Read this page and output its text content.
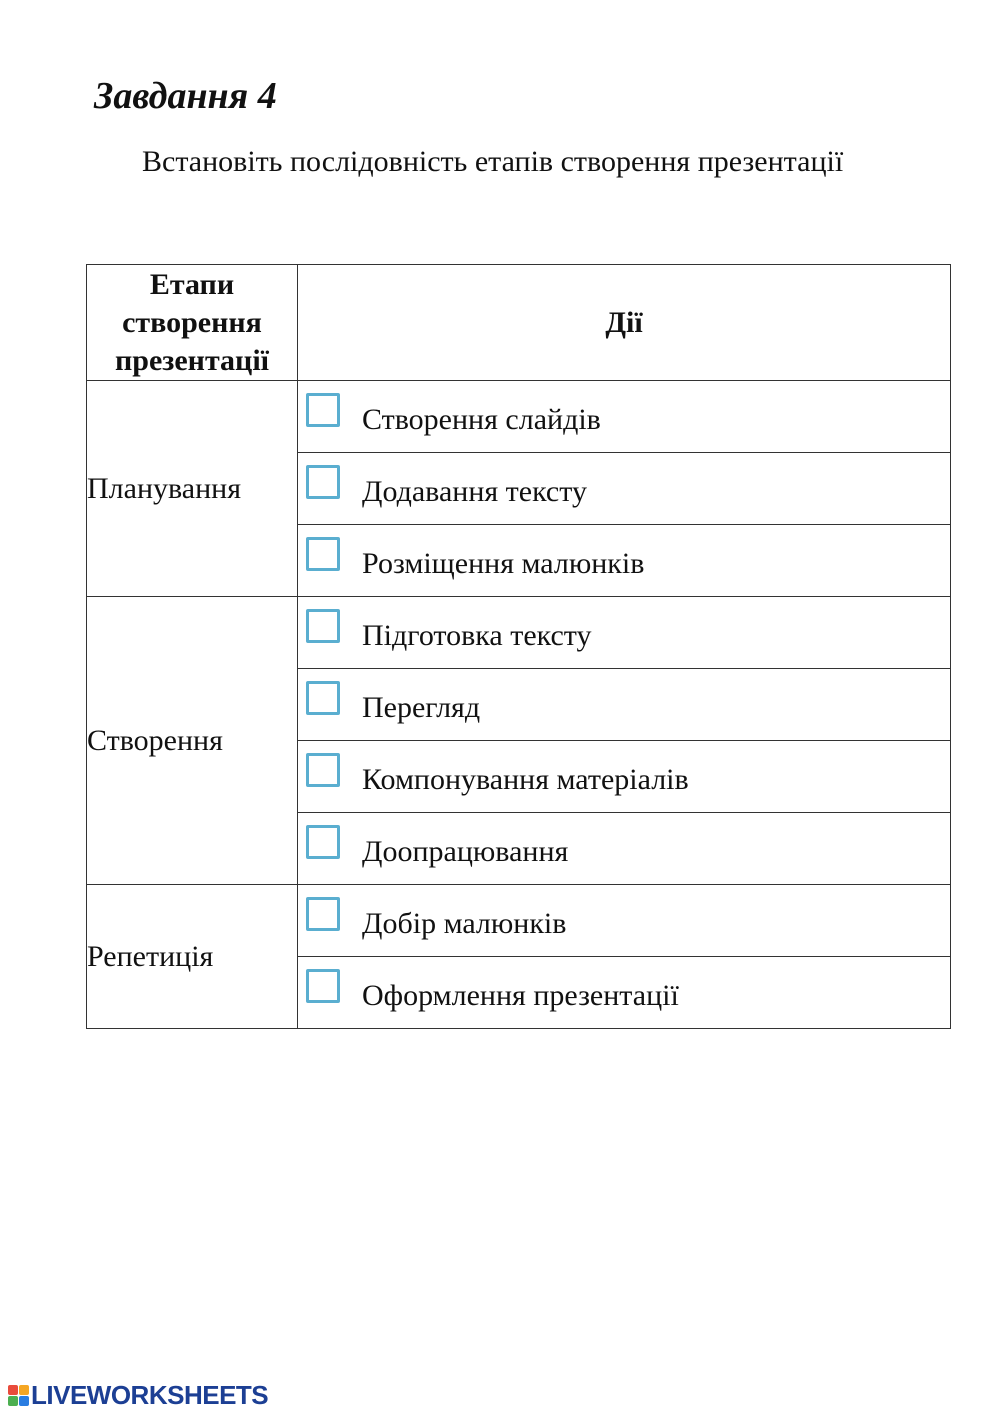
Завдання 4

Встановіть послідовність етапів створення презентації

Етапи
створення
презентації	Дії
Планування	Створення слайдів

	Додавання тексту

	Розміщення малюнків

Створення	Підготовка тексту

	Перегляд

	Компонування матеріалів

	Доопрацювання

Репетиція	Добір малюнків

	Оформлення презентації
LIVEWORKSHEETS
